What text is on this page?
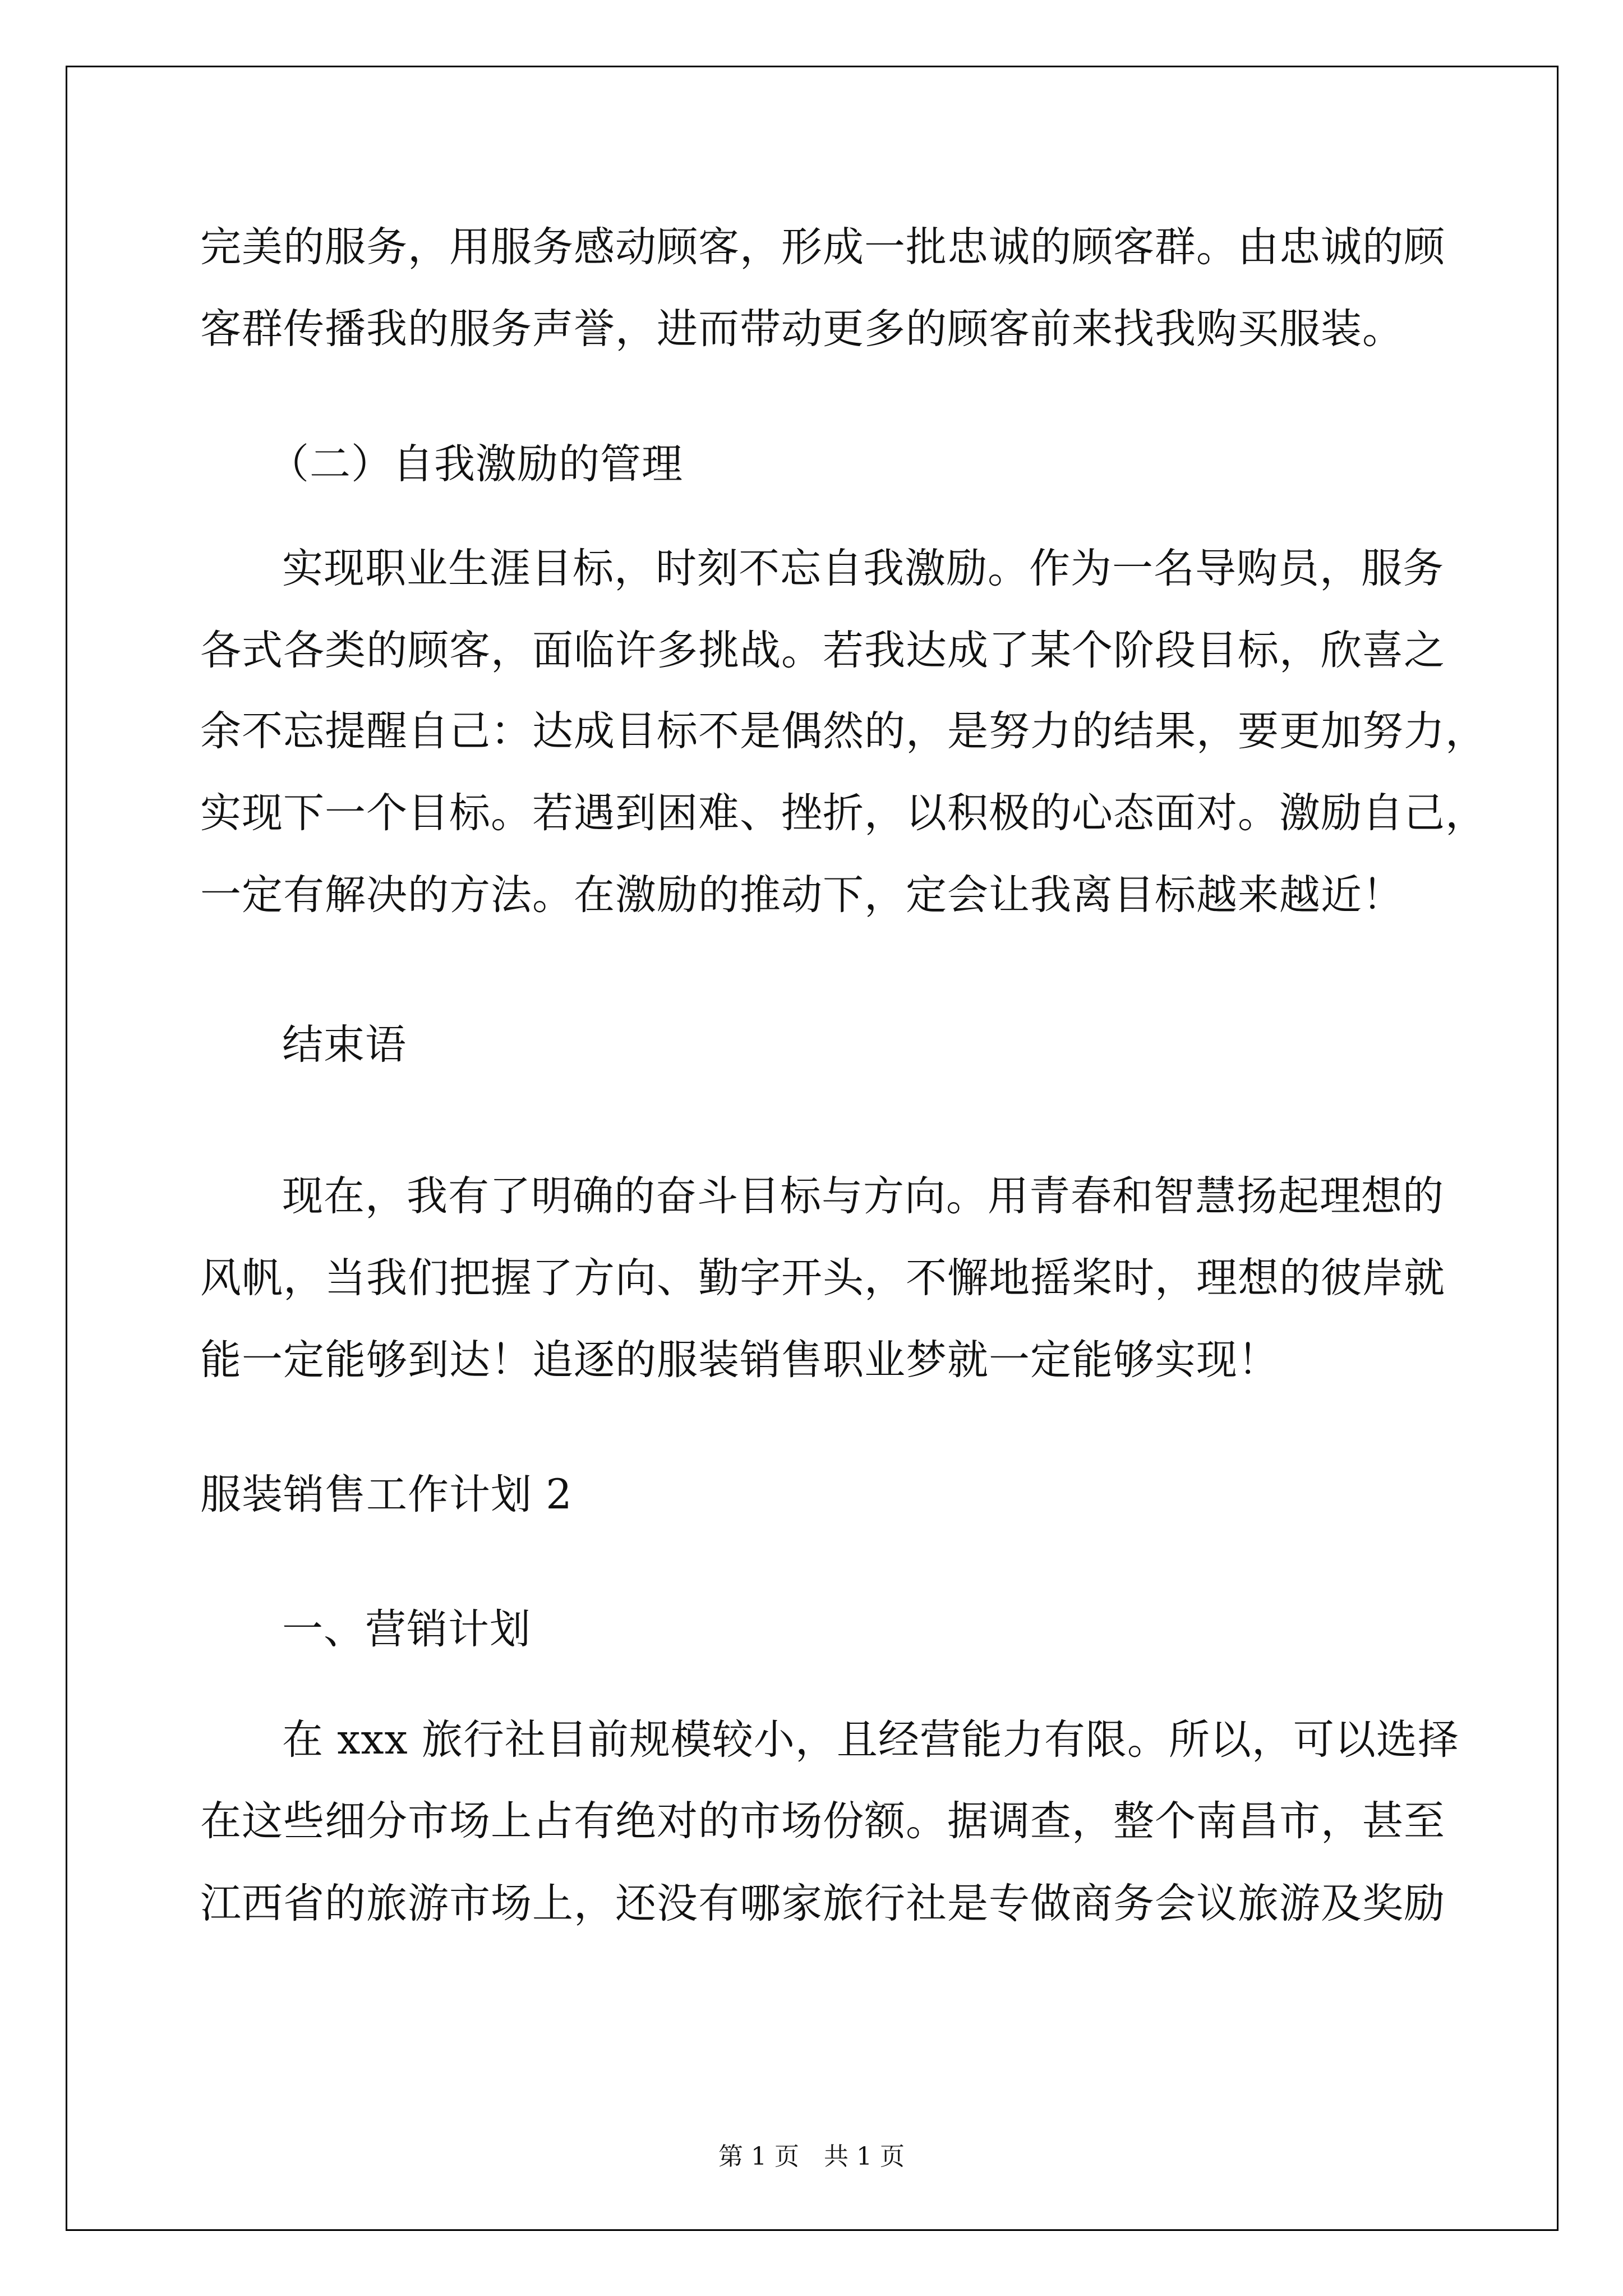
完美的服务，用服务感动顾客，形成一批忠诚的顾客群。由忠诚的顾
客群传播我的服务声誉，进而带动更多的顾客前来找我购买服装。
（二）自我激励的管理
实现职业生涯目标，时刻不忘自我激励。作为一名导购员，服务
各式各类的顾客，面临许多挑战。若我达成了某个阶段目标，欣喜之
余不忘提醒自己：达成目标不是偶然的，是努力的结果，要更加努力，
实现下一个目标。若遇到困难、挫折，以积极的心态面对。激励自己，
一定有解决的方法。在激励的推动下，定会让我离目标越来越近！
结束语
现在，我有了明确的奋斗目标与方向。用青春和智慧扬起理想的
风帆，当我们把握了方向、勤字开头，不懈地摇桨时，理想的彼岸就
能一定能够到达！追逐的服装销售职业梦就一定能够实现！
服装销售工作计划 2
一、营销计划
在 xxx 旅行社目前规模较小，且经营能力有限。所以，可以选择
在这些细分市场上占有绝对的市场份额。据调查，整个南昌市，甚至
江西省的旅游市场上，还没有哪家旅行社是专做商务会议旅游及奖励
第 1 页　共 1 页
